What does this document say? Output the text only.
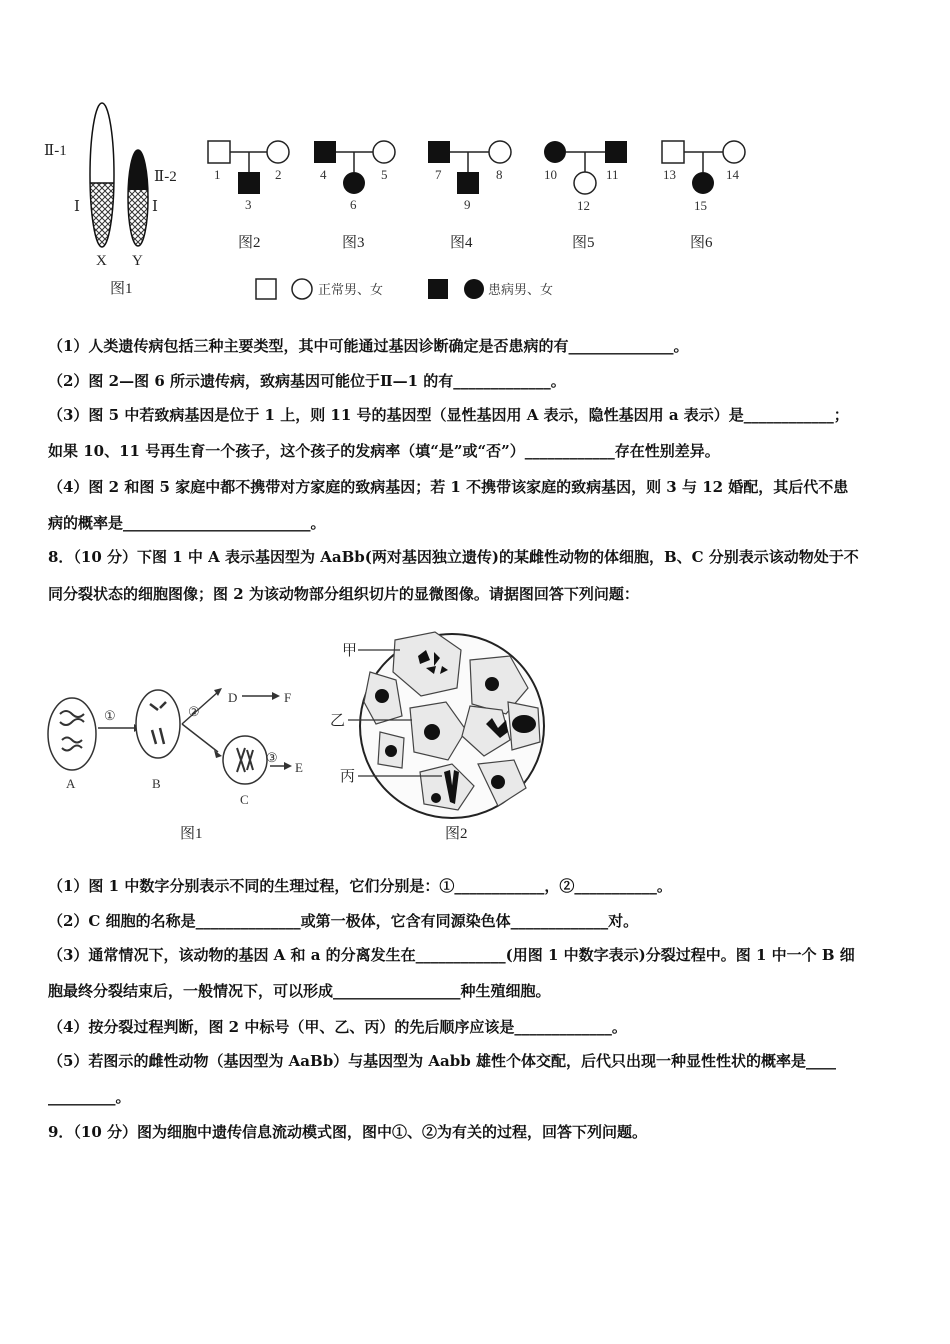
Ⅱ-1
Ⅰ
Ⅱ-2
Ⅰ
X Y
图1
1	2
3
图2
4	5
6
图3
7	8
9
图4
10	11
12
图5
13	14
15
图6
正常男、女	患病男、女
（1）人类遗传病包括三种主要类型，其中可能通过基因诊断确定是否患病的有______________。
（2）图 2—图 6 所示遗传病，致病基因可能位于Ⅱ—1 的有_____________。
（3）图 5 中若致病基因是位于 1 上，则 11 号的基因型（显性基因用 A 表示，隐性基因用 a 表示）是____________；
如果 10、11 号再生育一个孩子，这个孩子的发病率（填“是”或“否”）____________存在性别差异。
（4）图 2 和图 5 家庭中都不携带对方家庭的致病基因；若 1 不携带该家庭的致病基因，则 3 与 12 婚配，其后代不患
病的概率是_________________________。
8．（10 分）下图 1 中 A 表示基因型为 AaBb(两对基因独立遗传)的某雌性动物的体细胞，B、C 分别表示该动物处于不
同分裂状态的细胞图像；图 2 为该动物部分组织切片的显微图像。请据图回答下列问题：
A
①
B
②
D	F
C
③
E
图1
甲
乙
丙
图2
（1）图 1 中数字分别表示不同的生理过程，它们分别是：①____________，②___________。
（2）C 细胞的名称是______________或第一极体，它含有同源染色体_____________对。
（3）通常情况下，该动物的基因 A 和 a 的分离发生在____________(用图 1 中数字表示)分裂过程中。图 1 中一个 B 细
胞最终分裂结束后，一般情况下，可以形成_________________种生殖细胞。
（4）按分裂过程判断，图 2 中标号（甲、乙、丙）的先后顺序应该是_____________。
（5）若图示的雌性动物（基因型为 AaBb）与基因型为 Aabb 雄性个体交配，后代只出现一种显性性状的概率是____
_________。
9．（10 分）图为细胞中遗传信息流动模式图，图中①、②为有关的过程，回答下列问题。
